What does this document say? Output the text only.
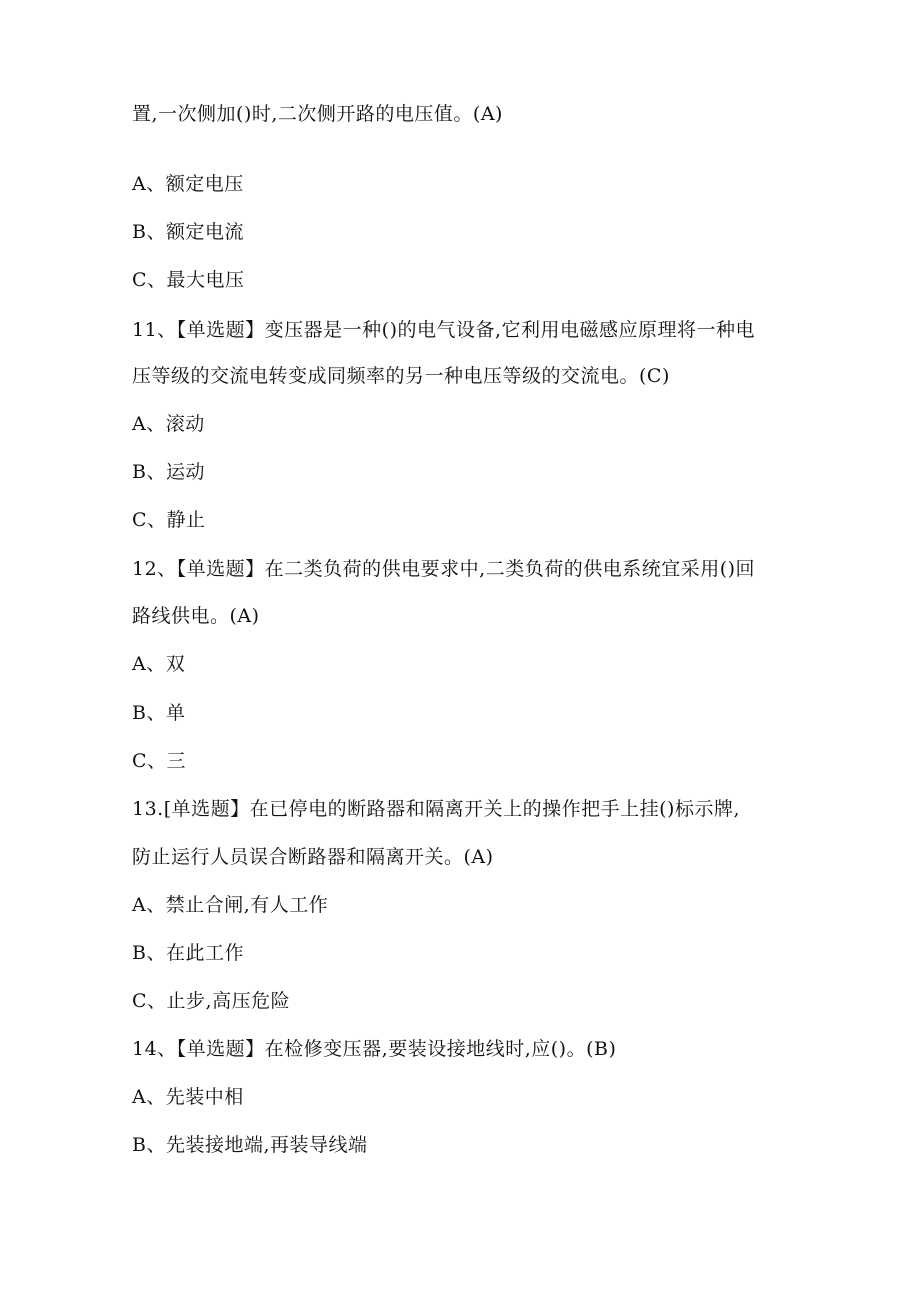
置,一次侧加()时,二次侧开路的电压值。(A)
A、额定电压
B、额定电流
C、最大电压
11、【单选题】变压器是一种()的电气设备,它利用电磁感应原理将一种电
压等级的交流电转变成同频率的另一种电压等级的交流电。(C)
A、滚动
B、运动
C、静止
12、【单选题】在二类负荷的供电要求中,二类负荷的供电系统宜采用()回
路线供电。(A)
A、双
B、单
C、三
13.[单选题】在已停电的断路器和隔离开关上的操作把手上挂()标示牌,
防止运行人员误合断路器和隔离开关。(A)
A、禁止合闸,有人工作
B、在此工作
C、止步,高压危险
14、【单选题】在检修变压器,要装设接地线时,应()。(B)
A、先装中相
B、先装接地端,再装导线端
